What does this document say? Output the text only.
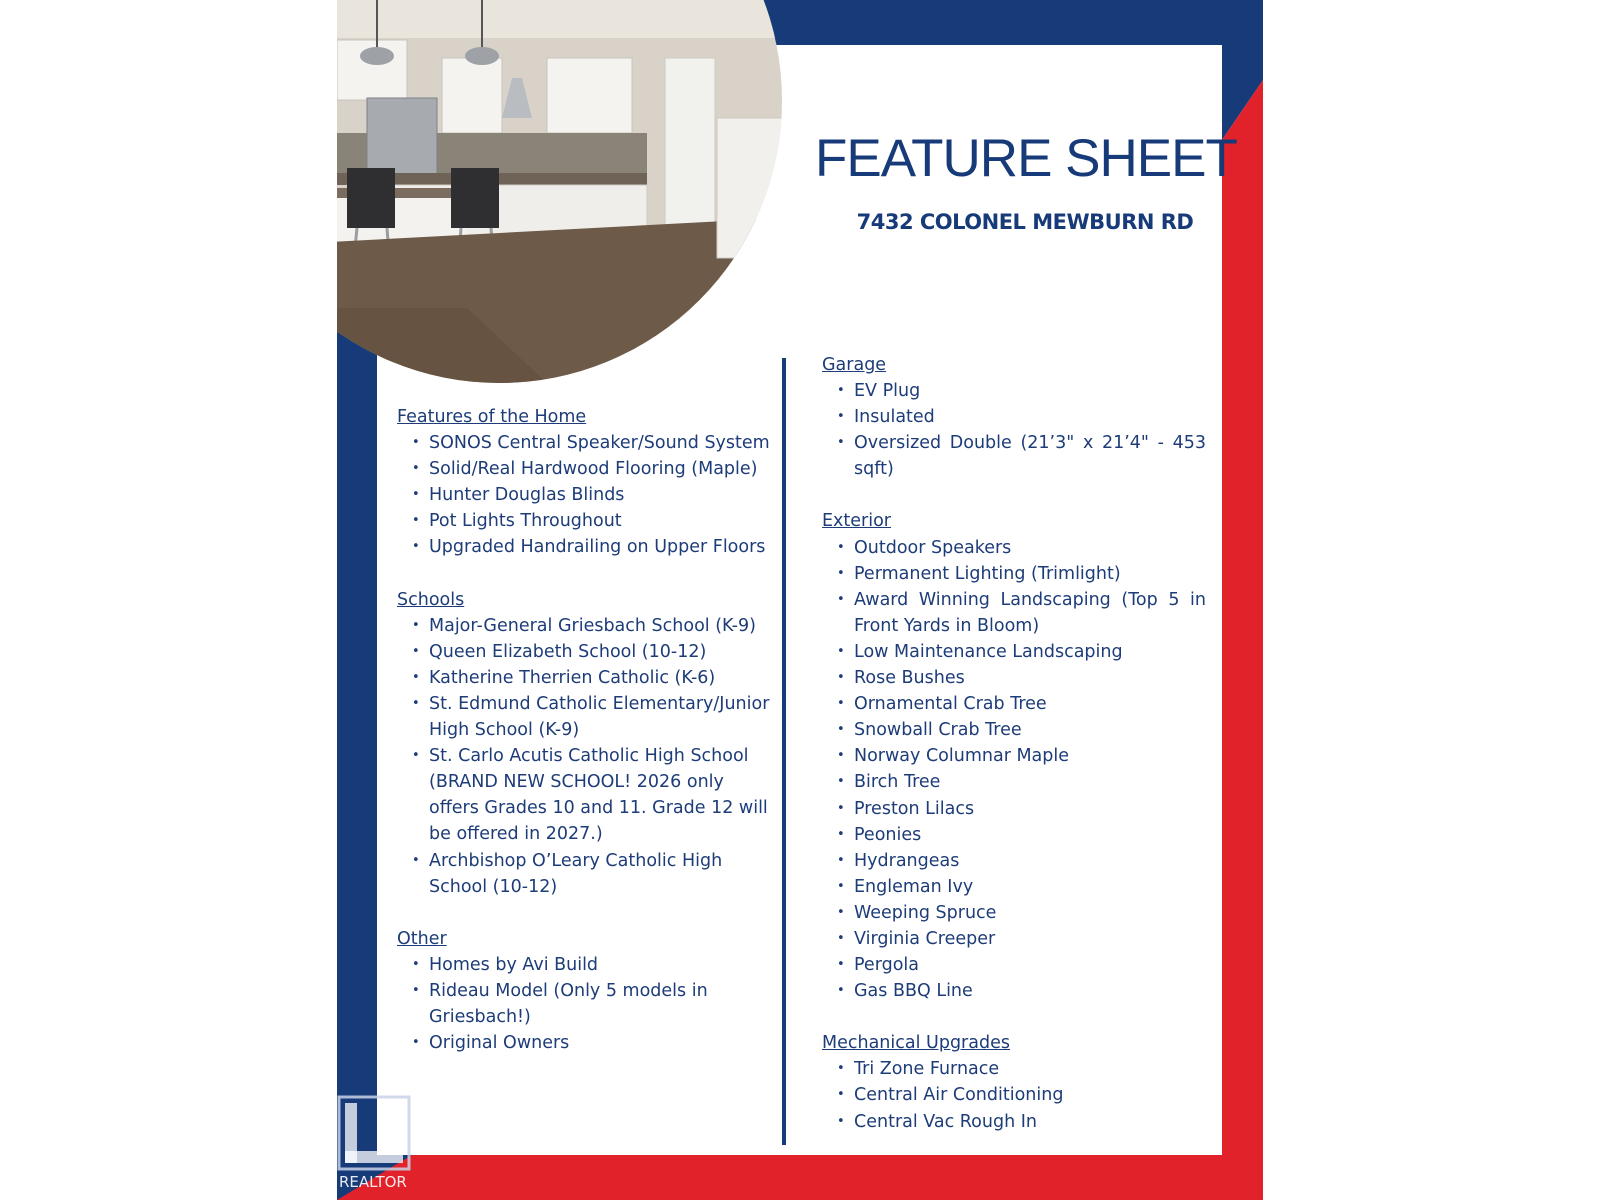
FEATURE SHEET
7432 COLONEL MEWBURN RD
Features of the Home
• SONOS Central Speaker/Sound System
• Solid/Real Hardwood Flooring (Maple)
• Hunter Douglas Blinds
• Pot Lights Throughout
• Upgraded Handrailing on Upper Floors
Schools
• Major-General Griesbach School (K-9)
• Queen Elizabeth School (10-12)
• Katherine Therrien Catholic (K-6)
• St. Edmund Catholic Elementary/Junior High School (K-9)
• St. Carlo Acutis Catholic High School (BRAND NEW SCHOOL! 2026 only offers Grades 10 and 11. Grade 12 will be offered in 2027.)
• Archbishop O’Leary Catholic High School (10-12)
Other
• Homes by Avi Build
• Rideau Model (Only 5 models in Griesbach!)
• Original Owners
Garage
• EV Plug
• Insulated
• Oversized Double (21’3" x 21’4" - 453 sqft)
Exterior
• Outdoor Speakers
• Permanent Lighting (Trimlight)
• Award Winning Landscaping (Top 5 in Front Yards in Bloom)
• Low Maintenance Landscaping
• Rose Bushes
• Ornamental Crab Tree
• Snowball Crab Tree
• Norway Columnar Maple
• Birch Tree
• Preston Lilacs
• Peonies
• Hydrangeas
• Engleman Ivy
• Weeping Spruce
• Virginia Creeper
• Pergola
• Gas BBQ Line
Mechanical Upgrades
• Tri Zone Furnace
• Central Air Conditioning
• Central Vac Rough In
REALTOR
